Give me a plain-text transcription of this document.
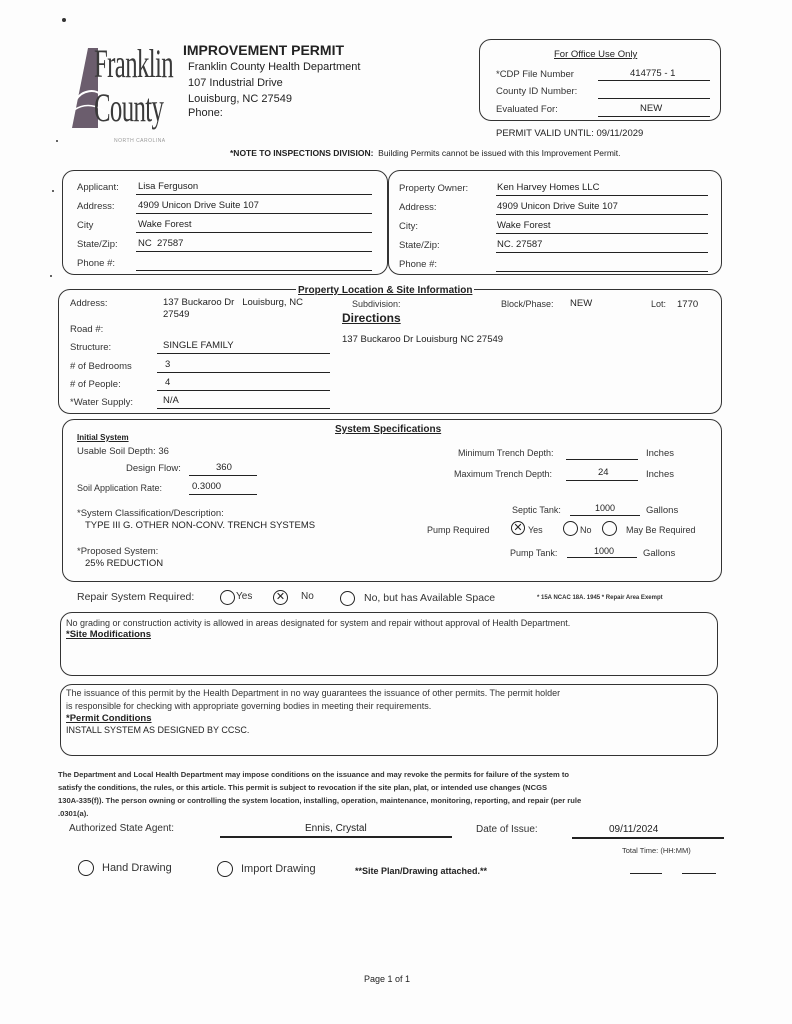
Franklin
County
NORTH CAROLINA
IMPROVEMENT PERMIT
Franklin County Health Department
107 Industrial Drive
Louisburg, NC 27549
Phone:
For Office Use Only
*CDP File Number	414775 - 1
County ID Number:
Evaluated For:	NEW
PERMIT VALID UNTIL: 09/11/2029
*NOTE TO INSPECTIONS DIVISION: Building Permits cannot be issued with this Improvement Permit.
Applicant: Lisa Ferguson
Address: 4909 Unicon Drive Suite 107
City	Wake Forest
State/Zip: NC  27587
Phone #:
Property Owner:	Ken Harvey Homes LLC
Address:	4909 Unicon Drive Suite 107
City:	Wake Forest
State/Zip:	NC. 27587
Phone #:
Property Location & Site Information
Address:	137 Buckaroo Dr   Louisburg, NC
27549
Road #:
Structure:	SINGLE FAMILY
# of Bedrooms	3
# of People:	4
*Water Supply:	N/A
Subdivision:	Block/Phase: NEW	Lot: 1770
Directions
137 Buckaroo Dr Louisburg NC 27549
System Specifications
Initial System
Usable Soil Depth: 36
Design Flow:	360
Soil Application Rate:	0.3000
*System Classification/Description:
TYPE III G. OTHER NON-CONV. TRENCH SYSTEMS
*Proposed System:
25% REDUCTION
Minimum Trench Depth:	Inches
Maximum Trench Depth:	24	Inches
Septic Tank:	1000	Gallons
Pump Required ✕ Yes	No	May Be Required
Pump Tank:	1000	Gallons
Repair System Required:	Yes ✕ No	No, but has Available Space	* 15A NCAC 18A. 1945 * Repair Area Exempt
No grading or construction activity is allowed in areas designated for system and repair without approval of Health Department.
*Site Modifications
The issuance of this permit by the Health Department in no way guarantees the issuance of other permits. The permit holder
is responsible for checking with appropriate governing bodies in meeting their requirements.
*Permit Conditions
INSTALL SYSTEM AS DESIGNED BY CCSC.
The Department and Local Health Department may impose conditions on the issuance and may revoke the permits for failure of the system to
satisfy the conditions, the rules, or this article. This permit is subject to revocation if the site plan, plat, or intended use changes (NCGS
130A-335(f)). The person owning or controlling the system location, installing, operation, maintenance, monitoring, reporting, and repair (per rule
.0301(a).
Authorized State Agent:	Ennis, Crystal	Date of Issue:	09/11/2024
Total Time: (HH:MM)
Hand Drawing	Import Drawing	**Site Plan/Drawing attached.**
Page 1 of 1
